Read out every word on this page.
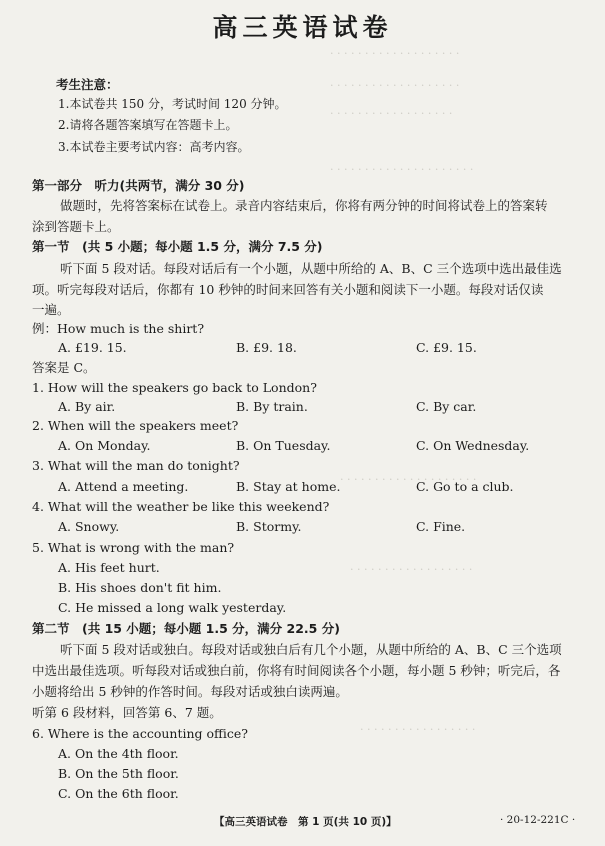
. . . . . . . . . . . . . . . . . . .
. . . . . . . . . . . . . . . . . . .
. . . . . . . . . . . . . . . . . .
. . . . . . . . . . . . . . . . . . . . .
. . . . . . . . . . . . . . . . . . . .
. . . . . . . . . . . . . . . . . .
. . . . . . . . . . . . . . . . .
高三英语试卷
考生注意：
1.本试卷共 150 分，考试时间 120 分钟。
2.请将各题答案填写在答题卡上。
3.本试卷主要考试内容：高考内容。
第一部分　听力(共两节，满分 30 分)
做题时，先将答案标在试卷上。录音内容结束后，你将有两分钟的时间将试卷上的答案转
涂到答题卡上。
第一节　(共 5 小题；每小题 1.5 分，满分 7.5 分)
听下面 5 段对话。每段对话后有一个小题，从题中所给的 A、B、C 三个选项中选出最佳选
项。听完每段对话后，你都有 10 秒钟的时间来回答有关小题和阅读下一小题。每段对话仅读
一遍。
例：How much is the shirt?
A. £19. 15.	B. £9. 18.	C. £9. 15.
答案是 C。
1. How will the speakers go back to London?
A. By air.	B. By train.	C. By car.
2. When will the speakers meet?
A. On Monday.	B. On Tuesday.	C. On Wednesday.
3. What will the man do tonight?
A. Attend a meeting.	B. Stay at home.	C. Go to a club.
4. What will the weather be like this weekend?
A. Snowy.	B. Stormy.	C. Fine.
5. What is wrong with the man?
A. His feet hurt.
B. His shoes don't fit him.
C. He missed a long walk yesterday.
第二节　(共 15 小题；每小题 1.5 分，满分 22.5 分)
听下面 5 段对话或独白。每段对话或独白后有几个小题，从题中所给的 A、B、C 三个选项
中选出最佳选项。听每段对话或独白前，你将有时间阅读各个小题，每小题 5 秒钟；听完后，各
小题将给出 5 秒钟的作答时间。每段对话或独白读两遍。
听第 6 段材料，回答第 6、7 题。
6. Where is the accounting office?
A. On the 4th floor.
B. On the 5th floor.
C. On the 6th floor.
【高三英语试卷　第 1 页(共 10 页)】	· 20-12-221C ·
